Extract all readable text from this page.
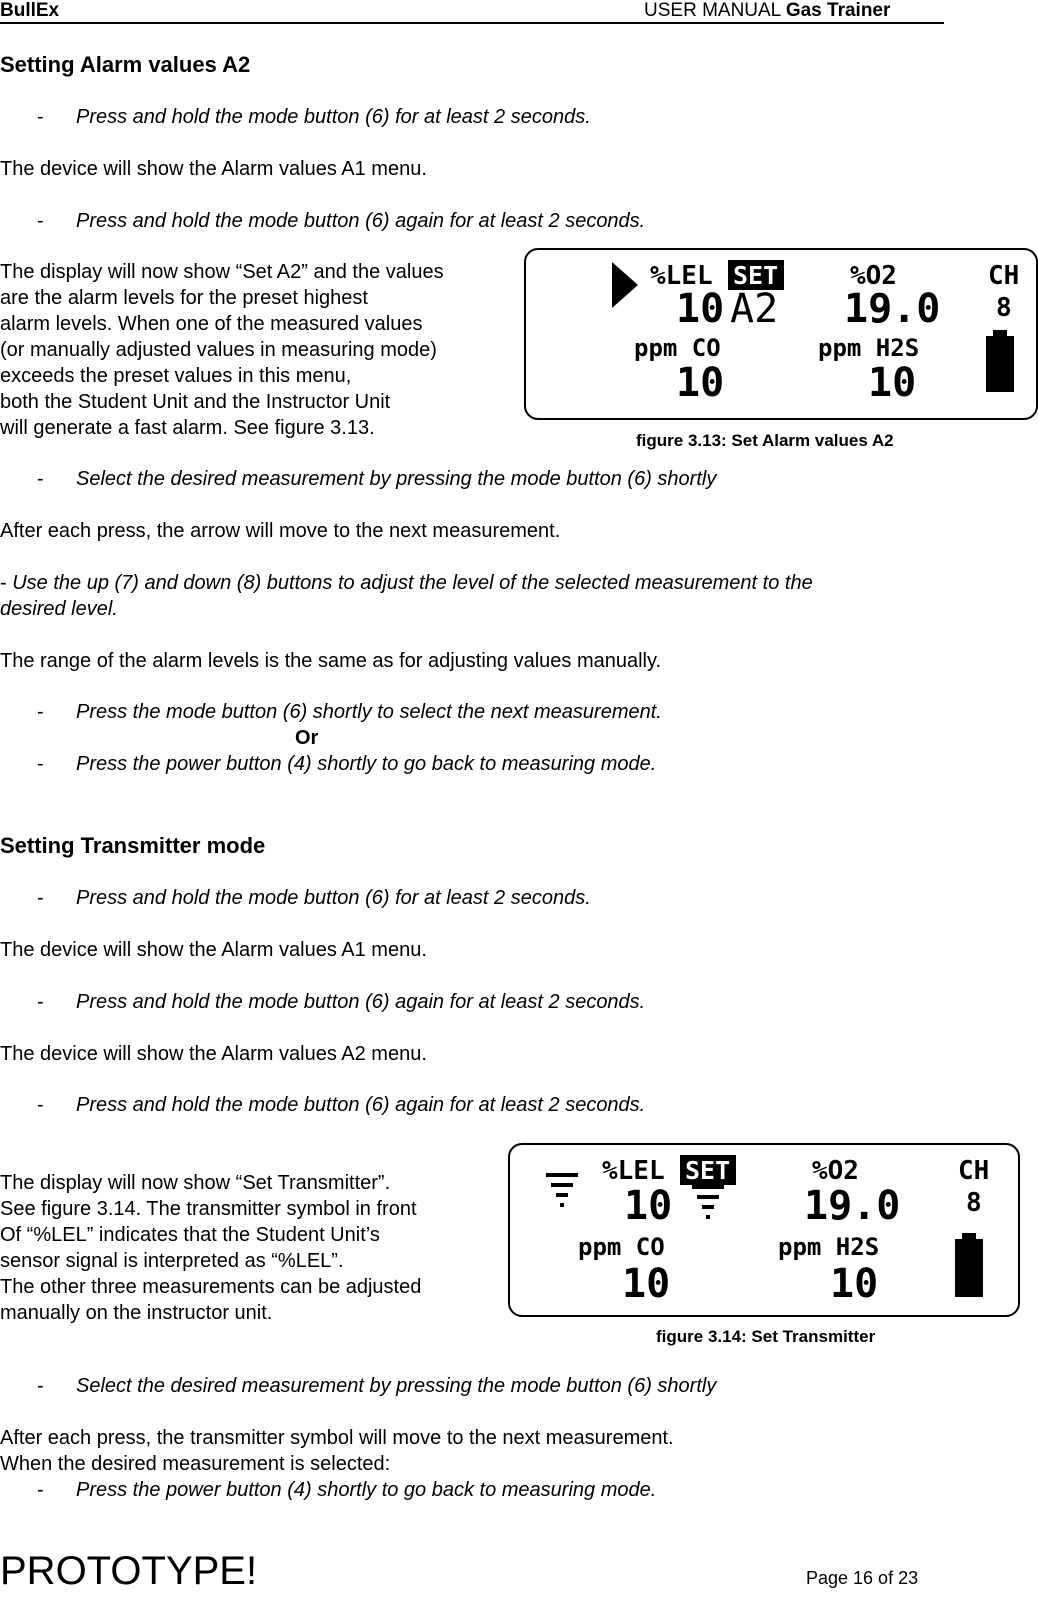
BullEx	USER MANUAL Gas Trainer
Setting Alarm values A2
- Press and hold the mode button (6) for at least 2 seconds.
The device will show the Alarm values A1 menu.
- Press and hold the mode button (6) again for at least 2 seconds.
The display will now show “Set A2” and the values
are the alarm levels for the preset highest
alarm levels. When one of the measured values
(or manually adjusted values in measuring mode)
exceeds the preset values in this menu,
both the Student Unit and the Instructor Unit
will generate a fast alarm. See figure 3.13.
%LEL SET
10 A2
%O2
19.0
CH
8
ppm CO
10
ppm H2S
10
figure 3.13: Set Alarm values A2
- Select the desired measurement by pressing the mode button (6) shortly
After each press, the arrow will move to the next measurement.
- Use the up (7) and down (8) buttons to adjust the level of the selected measurement to the
desired level.
The range of the alarm levels is the same as for adjusting values manually.
- Press the mode button (6) shortly to select the next measurement.
Or
- Press the power button (4) shortly to go back to measuring mode.
Setting Transmitter mode
- Press and hold the mode button (6) for at least 2 seconds.
The device will show the Alarm values A1 menu.
- Press and hold the mode button (6) again for at least 2 seconds.
The device will show the Alarm values A2 menu.
- Press and hold the mode button (6) again for at least 2 seconds.
The display will now show “Set Transmitter”.
See figure 3.14. The transmitter symbol in front
Of “%LEL” indicates that the Student Unit’s
sensor signal is interpreted as “%LEL”.
The other three measurements can be adjusted
manually on the instructor unit.
%LEL SET
10
%O2
19.0
CH
8
ppm CO
10
ppm H2S
10
figure 3.14: Set Transmitter
- Select the desired measurement by pressing the mode button (6) shortly
After each press, the transmitter symbol will move to the next measurement.
When the desired measurement is selected:
- Press the power button (4) shortly to go back to measuring mode.
PROTOTYPE!	Page 16 of 23
